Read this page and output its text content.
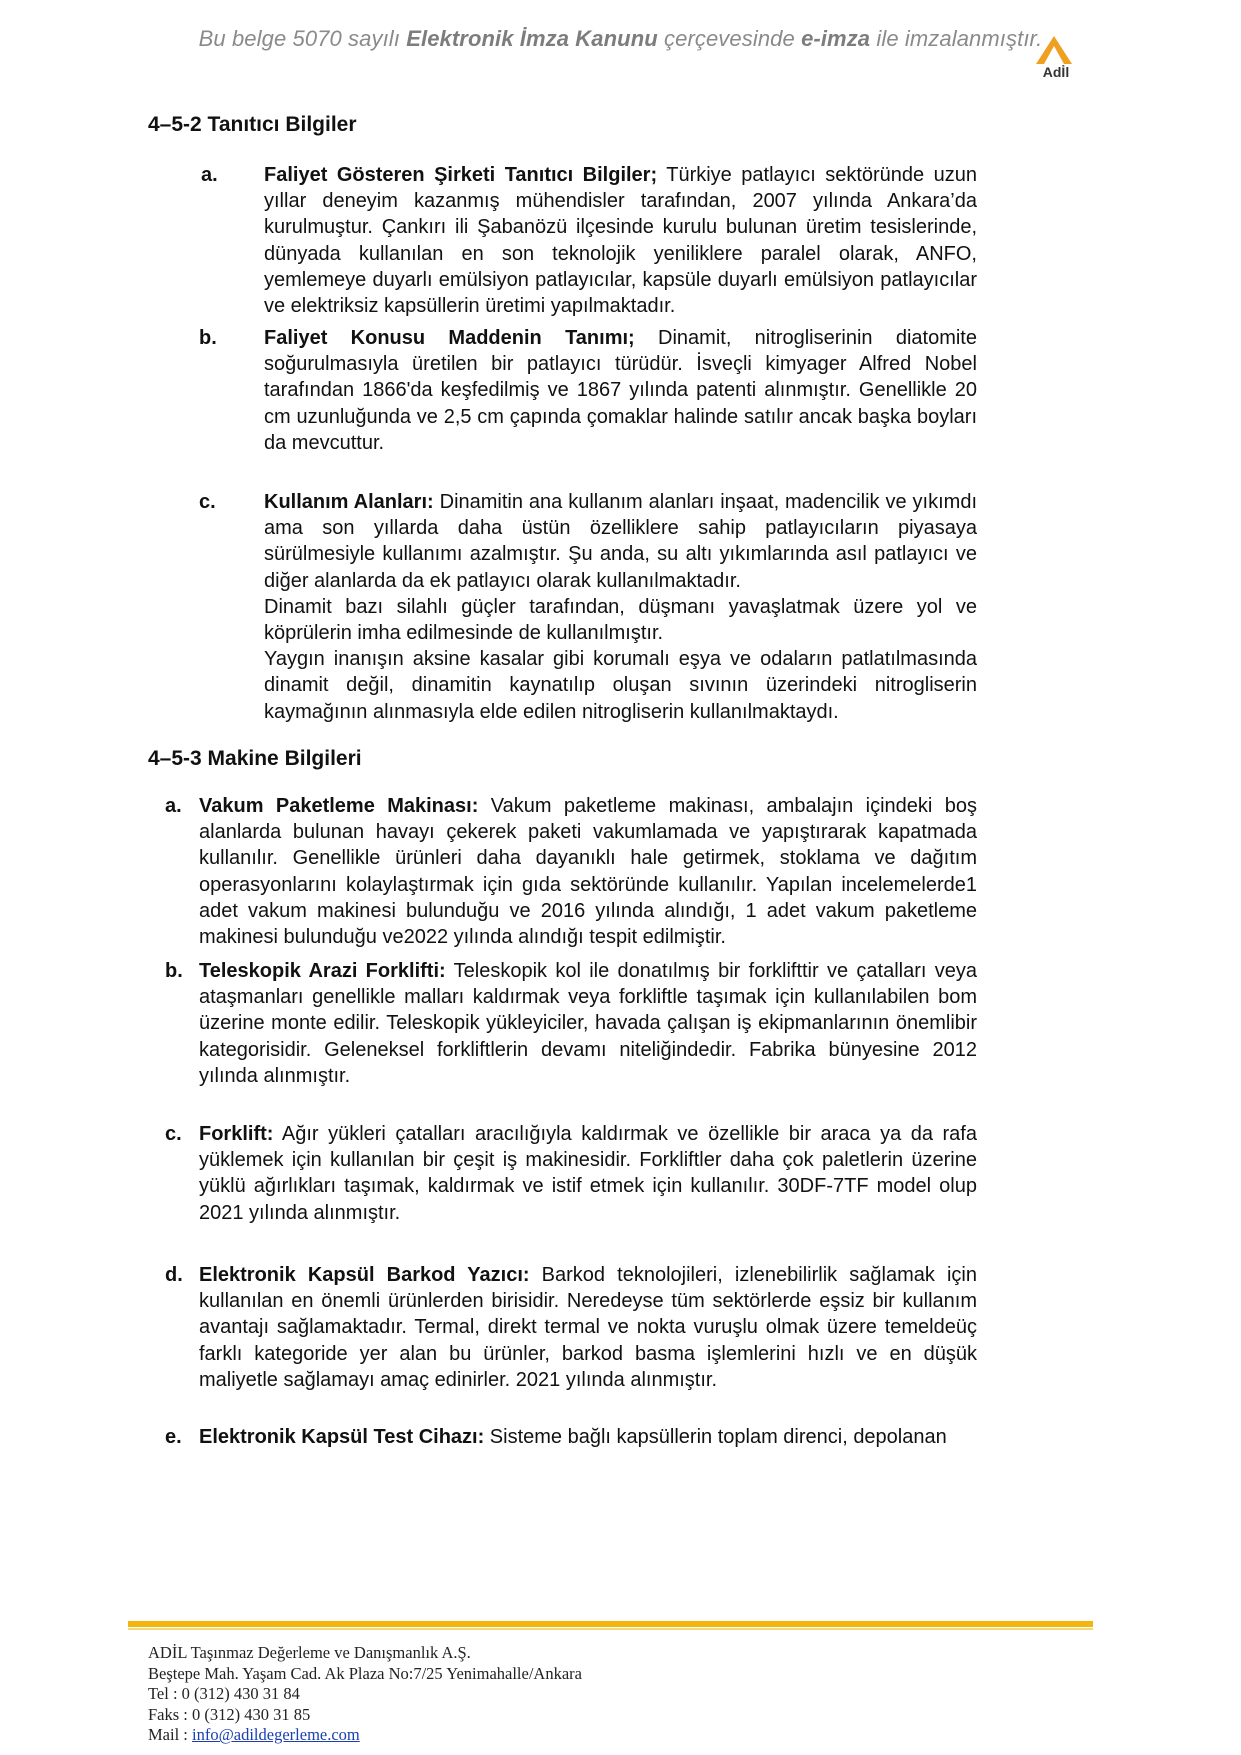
Bu belge 5070 sayılı Elektronik İmza Kanunu çerçevesinde e-imza ile imzalanmıştır.
Adİl
4–5-2 Tanıtıcı Bilgiler
a. Faliyet Gösteren Şirketi Tanıtıcı Bilgiler; Türkiye patlayıcı sektöründe uzun yıllar deneyim kazanmış mühendisler tarafından, 2007 yılında Ankara’da kurulmuştur. Çankırı ili Şabanözü ilçesinde kurulu bulunan üretim tesislerinde, dünyada kullanılan en son teknolojik yeniliklere paralel olarak, ANFO, yemlemeye duyarlı emülsiyon patlayıcılar, kapsüle duyarlı emülsiyon patlayıcılar ve elektriksiz kapsüllerin üretimi yapılmaktadır.
b. Faliyet Konusu Maddenin Tanımı; Dinamit, nitrogliserinin diatomite soğurulmasıyla üretilen bir patlayıcı türüdür. İsveçli kimyager Alfred Nobel tarafından 1866'da keşfedilmiş ve 1867 yılında patenti alınmıştır. Genellikle 20 cm uzunluğunda ve 2,5 cm çapında çomaklar halinde satılır ancak başka boyları da mevcuttur.
c. Kullanım Alanları: Dinamitin ana kullanım alanları inşaat, madencilik ve yıkımdı ama son yıllarda daha üstün özelliklere sahip patlayıcıların piyasaya sürülmesiyle kullanımı azalmıştır. Şu anda, su altı yıkımlarında asıl patlayıcı ve diğer alanlarda da ek patlayıcı olarak kullanılmaktadır.
Dinamit bazı silahlı güçler tarafından, düşmanı yavaşlatmak üzere yol ve köprülerin imha edilmesinde de kullanılmıştır.
Yaygın inanışın aksine kasalar gibi korumalı eşya ve odaların patlatılmasında dinamit değil, dinamitin kaynatılıp oluşan sıvının üzerindeki nitrogliserin kaymağının alınmasıyla elde edilen nitrogliserin kullanılmaktaydı.
4–5-3 Makine Bilgileri
a. Vakum Paketleme Makinası: Vakum paketleme makinası, ambalajın içindeki boş alanlarda bulunan havayı çekerek paketi vakumlamada ve yapıştırarak kapatmada kullanılır. Genellikle ürünleri daha dayanıklı hale getirmek, stoklama ve dağıtım operasyonlarını kolaylaştırmak için gıda sektöründe kullanılır. Yapılan incelemelerde1 adet vakum makinesi bulunduğu ve 2016 yılında alındığı, 1 adet vakum paketleme makinesi bulunduğu ve2022 yılında alındığı tespit edilmiştir.
b. Teleskopik Arazi Forklifti: Teleskopik kol ile donatılmış bir forklifttir ve çatalları veya ataşmanları genellikle malları kaldırmak veya forkliftle taşımak için kullanılabilen bom üzerine monte edilir. Teleskopik yükleyiciler, havada çalışan iş ekipmanlarının önemlibir kategorisidir. Geleneksel forkliftlerin devamı niteliğindedir. Fabrika bünyesine 2012 yılında alınmıştır.
c. Forklift: Ağır yükleri çatalları aracılığıyla kaldırmak ve özellikle bir araca ya da rafa yüklemek için kullanılan bir çeşit iş makinesidir. Forkliftler daha çok paletlerin üzerine yüklü ağırlıkları taşımak, kaldırmak ve istif etmek için kullanılır. 30DF-7TF model olup 2021 yılında alınmıştır.
d. Elektronik Kapsül Barkod Yazıcı: Barkod teknolojileri, izlenebilirlik sağlamak için kullanılan en önemli ürünlerden birisidir. Neredeyse tüm sektörlerde eşsiz bir kullanım avantajı sağlamaktadır. Termal, direkt termal ve nokta vuruşlu olmak üzere temeldeüç farklı kategoride yer alan bu ürünler, barkod basma işlemlerini hızlı ve en düşük maliyetle sağlamayı amaç edinirler. 2021 yılında alınmıştır.
e. Elektronik Kapsül Test Cihazı: Sisteme bağlı kapsüllerin toplam direnci, depolanan
ADİL Taşınmaz Değerleme ve Danışmanlık A.Ş.
Beştepe Mah. Yaşam Cad. Ak Plaza No:7/25 Yenimahalle/Ankara
Tel : 0 (312) 430 31 84
Faks : 0 (312) 430 31 85
Mail : info@adildegerleme.com
